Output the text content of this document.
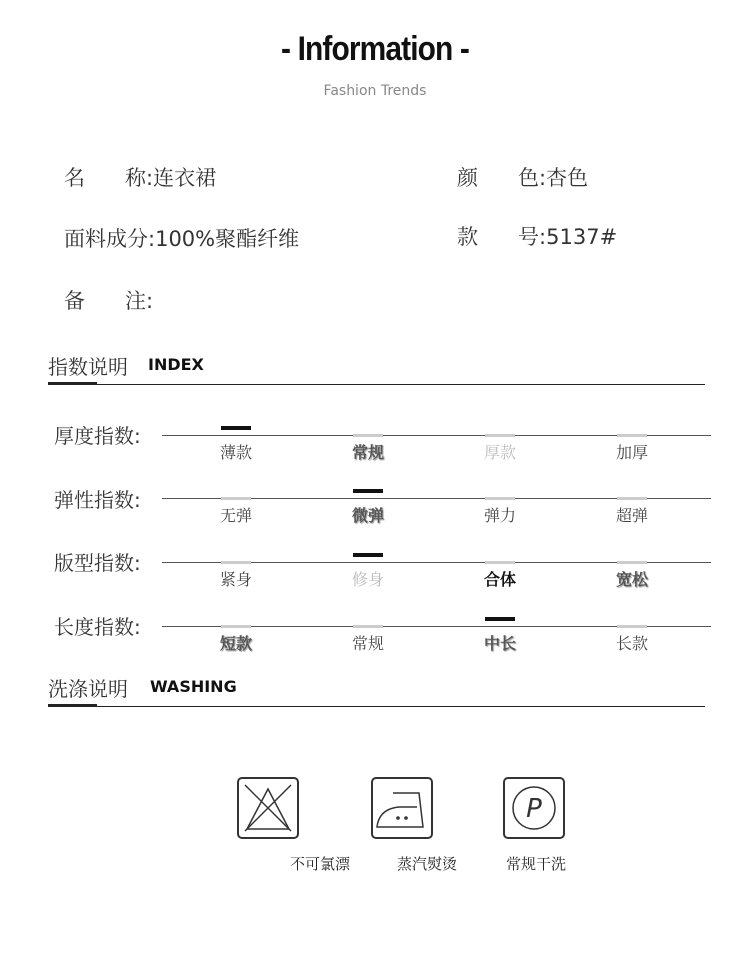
- Information -
Fashion Trends
名      称:连衣裙	颜      色:杏色
面料成分:100%聚酯纤维	款      号:5137#
备      注:
指数说明 INDEX
厚度指数:
薄款	常规	厚款	加厚
弹性指数:
无弹	微弹	弹力	超弹
版型指数:
紧身	修身	合体	宽松
长度指数:
短款	常规	中长	长款
洗涤说明 WASHING
不可氯漂	蒸汽熨烫
P
常规干洗
